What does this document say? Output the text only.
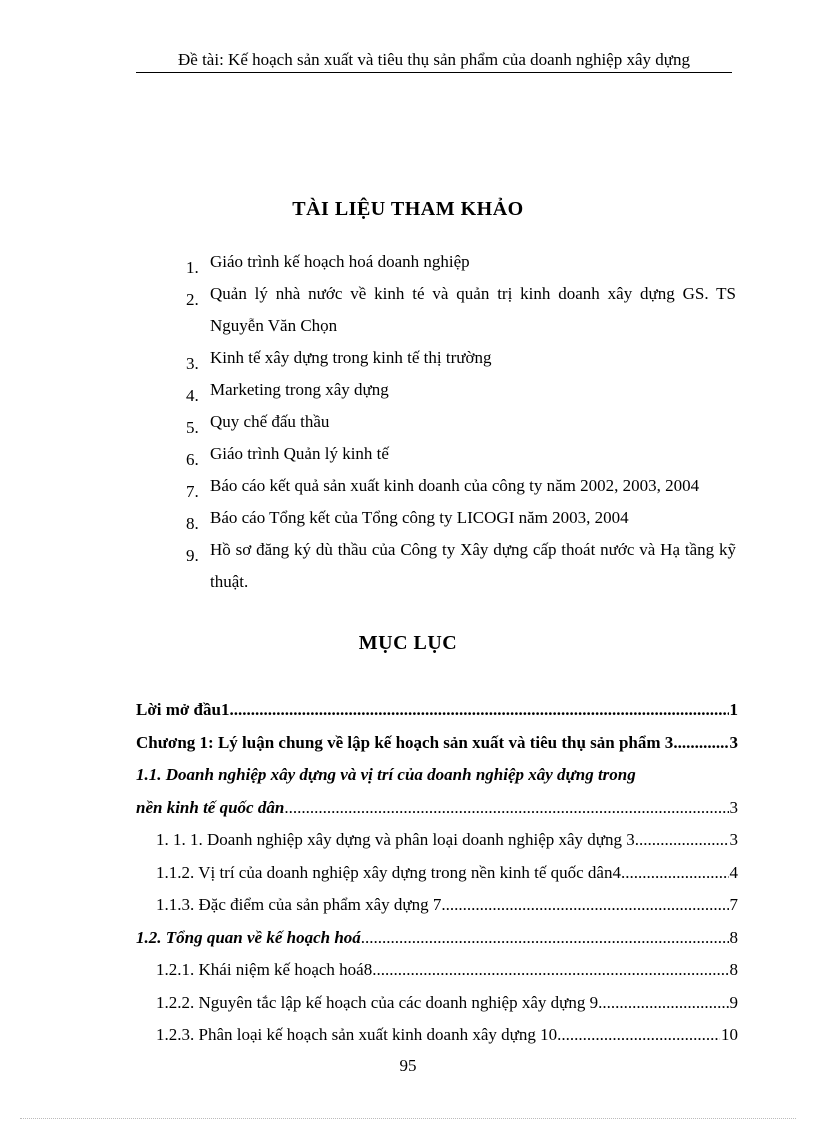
Đề tài: Kế hoạch sản xuất và tiêu thụ sản phẩm của doanh nghiệp xây dựng
TÀI LIỆU THAM KHẢO
1. Giáo trình kế hoạch hoá doanh nghiệp
2. Quản lý nhà nước về kinh té và quản trị kinh doanh xây dựng GS. TS Nguyễn Văn Chọn
3. Kinh tế xây dựng trong kinh tế thị trường
4. Marketing trong xây dựng
5. Quy chế đấu thầu
6. Giáo trình Quản lý kinh tế
7. Báo cáo kết quả sản xuất kinh doanh của công ty năm 2002, 2003, 2004
8. Báo cáo Tổng kết của Tổng công ty LICOGI năm 2003, 2004
9. Hồ sơ đăng ký dù thầu của Công ty Xây dựng cấp thoát nước và Hạ tầng kỹ thuật.
MỤC LỤC
Lời mở đầu1 .....	1
Chương 1: Lý luận chung về lập kế hoạch sản xuất và tiêu thụ sản phẩm 3 .....	3
1.1. Doanh nghiệp xây dựng và vị trí của doanh nghiệp xây dựng trong
nền kinh tế quốc dân .....	3
1. 1. 1. Doanh nghiệp xây dựng và phân loại doanh nghiệp xây dựng 3 .....	3
1.1.2. Vị trí của doanh nghiệp xây dựng trong nền kinh tế quốc dân4 .....	4
1.1.3. Đặc điểm của sản phẩm xây dựng 7 .....	7
1.2. Tổng quan về kế hoạch hoá .....	8
1.2.1. Khái niệm kế hoạch hoá8 .....	8
1.2.2. Nguyên tắc lập kế hoạch của các doanh nghiệp xây dựng 9 .....	9
1.2.3. Phân loại kế hoạch sản xuất kinh doanh xây dựng 10 .....	10
95
